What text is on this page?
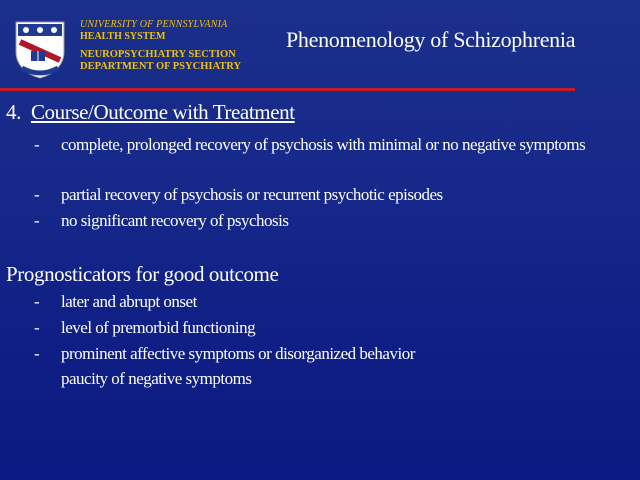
UNIVERSITY OF PENNSYLVANIA
HEALTH SYSTEM
NEUROPSYCHIATRY SECTION
DEPARTMENT OF PSYCHIATRY
Phenomenology of Schizophrenia
4. Course/Outcome with Treatment
- complete, prolonged recovery of psychosis with minimal or no negative symptoms
- partial recovery of psychosis or recurrent psychotic episodes
- no significant recovery of psychosis
Prognosticators for good outcome
- later and abrupt onset
- level of premorbid functioning
- prominent affective symptoms or disorganized behavior
paucity of negative symptoms
